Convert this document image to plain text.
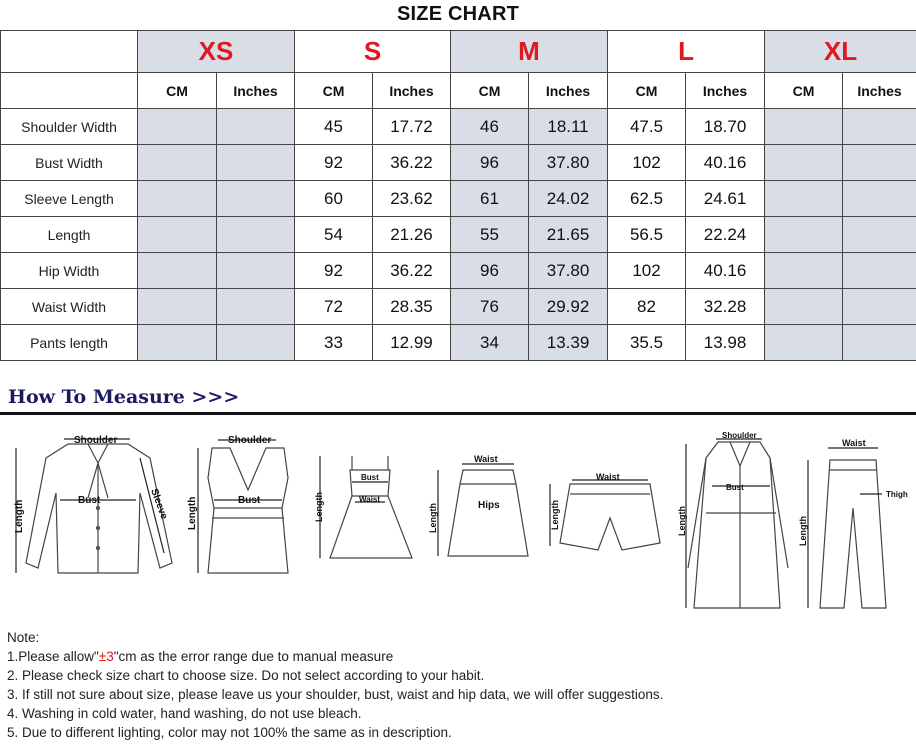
SIZE CHART
	XS		S		M		L		XL	
	CM	Inches	CM	Inches	CM	Inches	CM	Inches	CM	Inches
Shoulder Width			45	17.72	46	18.11	47.5	18.70		
Bust Width			92	36.22	96	37.80	102	40.16		
Sleeve Length			60	23.62	61	24.02	62.5	24.61		
Length			54	21.26	55	21.65	56.5	22.24		
Hip Width			92	36.22	96	37.80	102	40.16		
Waist Width			72	28.35	76	29.92	82	32.28		
Pants length			33	12.99	34	13.39	35.5	13.98		
How To Measure >>>
Shoulder
Bust
Length	Sleeve
Shoulder
Bust
Length
Bust
Waist
Length
Waist
Hips
Length
Waist
Length
Shoulder
Bust
Length
Waist
Thigh
Length
Note:
1.Please allow"±3"cm as the error range due to manual measure
2. Please check size chart to choose size. Do not select according to your habit.
3. If still not sure about size, please leave us your shoulder, bust, waist and hip data, we will offer suggestions.
4. Washing in cold water, hand washing, do not use bleach.
5. Due to different lighting, color may not 100% the same as in description.
